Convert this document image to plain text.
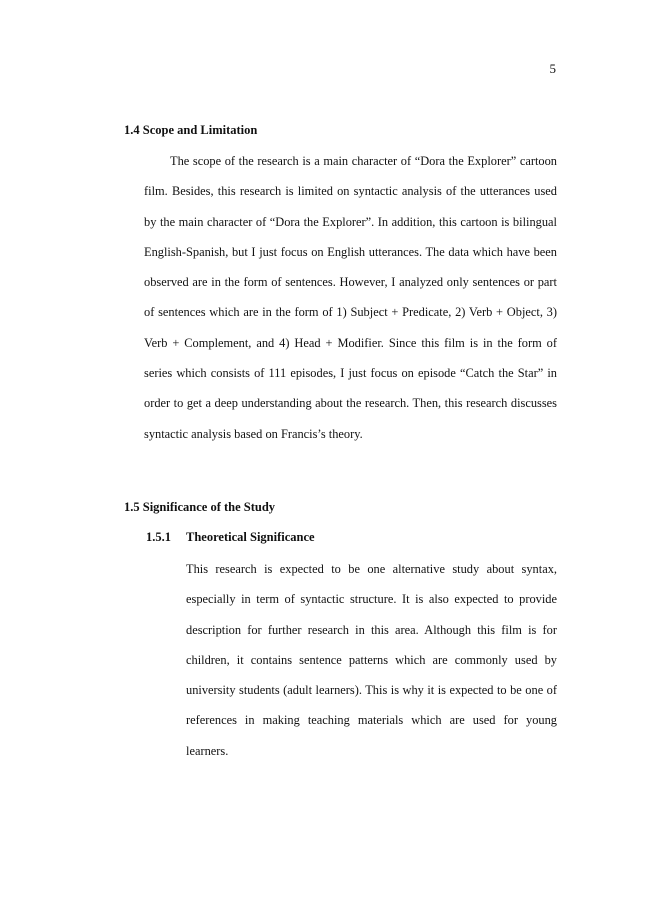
5
1.4 Scope and Limitation

The scope of the research is a main character of “Dora the Explorer” cartoon film. Besides, this research is limited on syntactic analysis of the utterances used by the main character of “Dora the Explorer”. In addition, this cartoon is bilingual English-Spanish, but I just focus on English utterances. The data which have been observed are in the form of sentences. However, I analyzed only sentences or part of sentences which are in the form of 1) Subject + Predicate, 2) Verb + Object, 3) Verb + Complement, and 4) Head + Modifier. Since this film is in the form of series which consists of 111 episodes, I just focus on episode “Catch the Star” in order to get a deep understanding about the research. Then, this research discusses syntactic analysis based on Francis’s theory.

1.5 Significance of the Study
1.5.1 Theoretical Significance

This research is expected to be one alternative study about syntax, especially in term of syntactic structure. It is also expected to provide description for further research in this area. Although this film is for children, it contains sentence patterns which are commonly used by university students (adult learners). This is why it is expected to be one of references in making teaching materials which are used for young learners.
